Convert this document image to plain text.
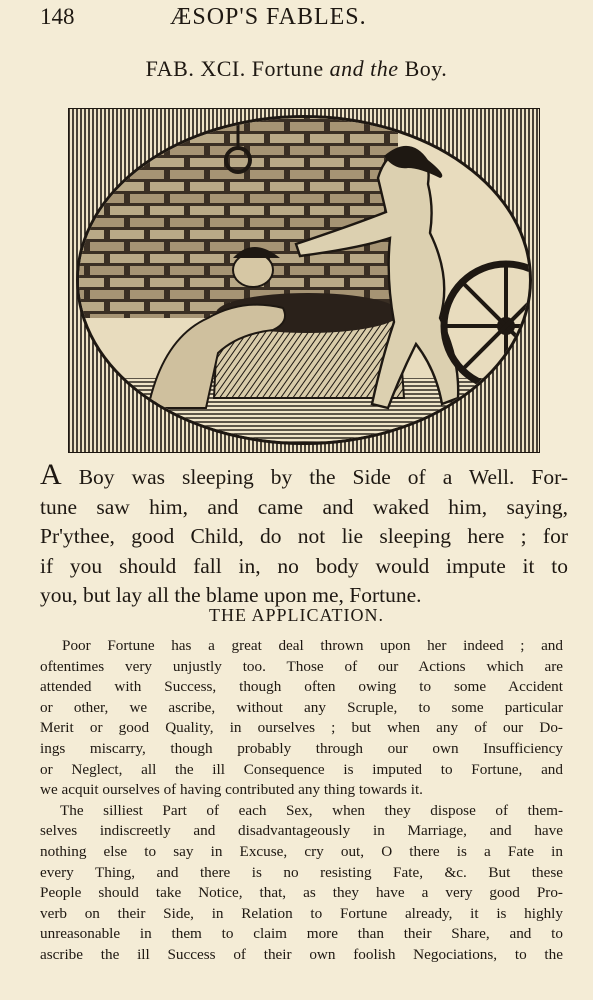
148	ÆSOP'S FABLES.
FAB. XCI. Fortune and the Boy.
A Boy was sleeping by the Side of a Well. For-
tune saw him, and came and waked him, saying,
Pr'ythee, good Child, do not lie sleeping here ; for
if you should fall in, no body would impute it to
you, but lay all the blame upon me, Fortune.
THE APPLICATION.
Poor Fortune has a great deal thrown upon her indeed ; and
oftentimes very unjustly too. Those of our Actions which are
attended with Success, though often owing to some Accident
or other, we ascribe, without any Scruple, to some particular
Merit or good Quality, in ourselves ; but when any of our Do-
ings miscarry, though probably through our own Insufficiency
or Neglect, all the ill Consequence is imputed to Fortune, and
we acquit ourselves of having contributed any thing towards it.
The silliest Part of each Sex, when they dispose of them-
selves indiscreetly and disadvantageously in Marriage, and have
nothing else to say in Excuse, cry out, O there is a Fate in
every Thing, and there is no resisting Fate, &c. But these
People should take Notice, that, as they have a very good Pro-
verb on their Side, in Relation to Fortune already, it is highly
unreasonable in them to claim more than their Share, and to
ascribe the ill Success of their own foolish Negociations, to the
